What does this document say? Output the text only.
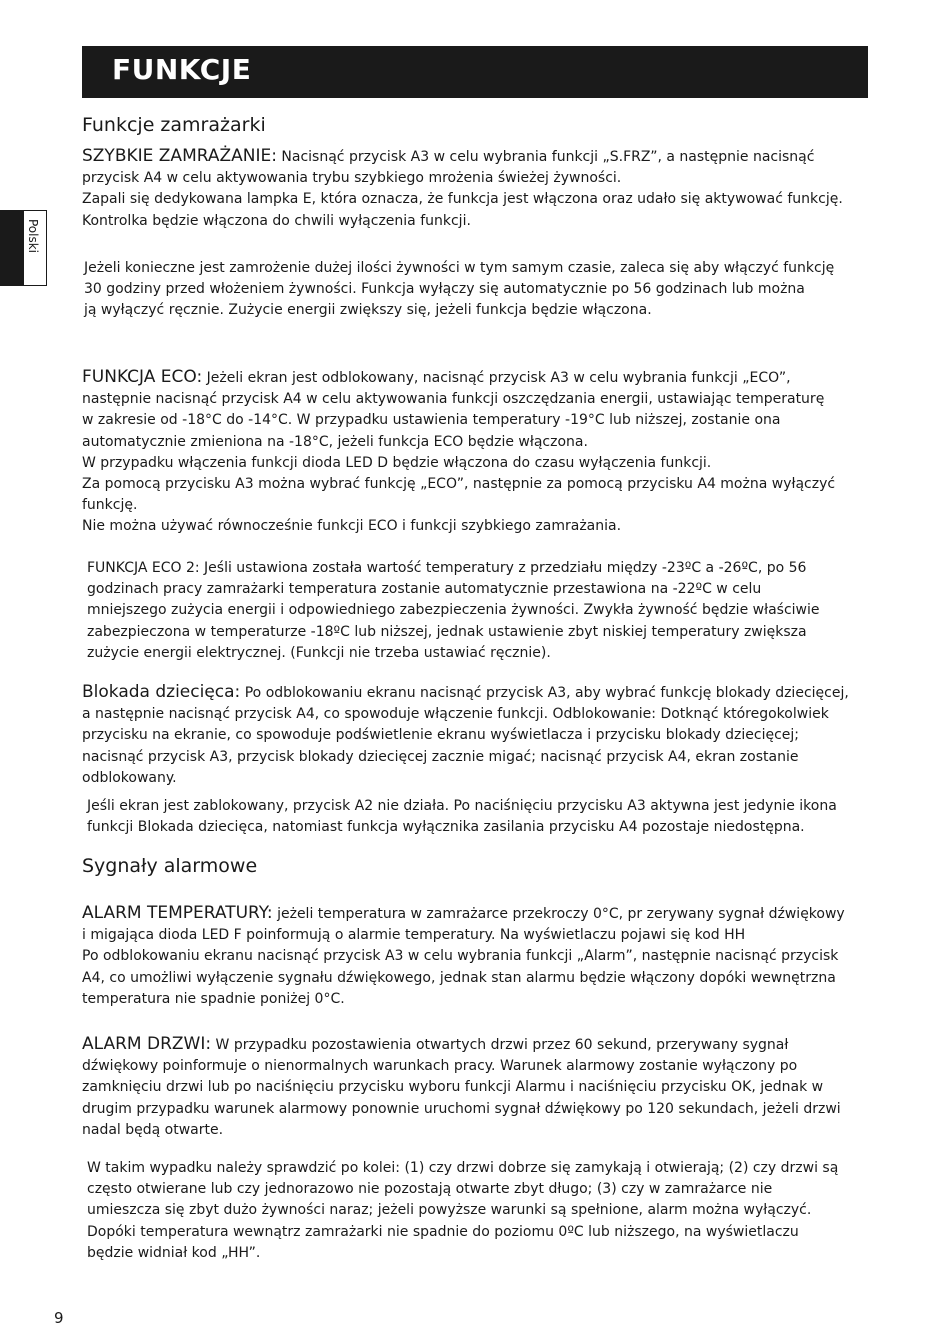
FUNKCJE
Polski
Funkcje zamrażarki
SZYBKIE ZAMRAŻANIE: Nacisnąć przycisk A3 w celu wybrania funkcji „S.FRZ”, a następnie nacisnąć
przycisk A4 w celu aktywowania trybu szybkiego mrożenia świeżej żywności.
Zapali się dedykowana lampka E, która oznacza, że funkcja jest włączona oraz udało się aktywować funkcję.
Kontrolka będzie włączona do chwili wyłączenia funkcji.
Jeżeli konieczne jest zamrożenie dużej ilości żywności w tym samym czasie, zaleca się aby włączyć funkcję
30 godziny przed włożeniem żywności. Funkcja wyłączy się automatycznie po 56 godzinach lub można
ją wyłączyć ręcznie. Zużycie energii zwiększy się, jeżeli funkcja będzie włączona.
FUNKCJA ECO: Jeżeli ekran jest odblokowany, nacisnąć przycisk A3 w celu wybrania funkcji „ECO”,
następnie nacisnąć przycisk A4 w celu aktywowania funkcji oszczędzania energii, ustawiając temperaturę
w zakresie od -18°C do -14°C. W przypadku ustawienia temperatury -19°C lub niższej, zostanie ona
automatycznie zmieniona na -18°C, jeżeli funkcja ECO będzie włączona.
W przypadku włączenia funkcji dioda LED D będzie włączona do czasu wyłączenia funkcji.
Za pomocą przycisku A3 można wybrać funkcję „ECO”, następnie za pomocą przycisku A4 można wyłączyć
funkcję.
Nie można używać równocześnie funkcji ECO i funkcji szybkiego zamrażania.
FUNKCJA ECO 2: Jeśli ustawiona została wartość temperatury z przedziału między -23ºC a -26ºC, po 56
godzinach pracy zamrażarki temperatura zostanie automatycznie przestawiona na -22ºC w celu
mniejszego zużycia energii i odpowiedniego zabezpieczenia żywności. Zwykła żywność będzie właściwie
zabezpieczona w temperaturze -18ºC lub niższej, jednak ustawienie zbyt niskiej temperatury zwiększa
zużycie energii elektrycznej. (Funkcji nie trzeba ustawiać ręcznie).
Blokada dziecięca: Po odblokowaniu ekranu nacisnąć przycisk A3, aby wybrać funkcję blokady dziecięcej,
a następnie nacisnąć przycisk A4, co spowoduje włączenie funkcji. Odblokowanie: Dotknąć któregokolwiek
przycisku na ekranie, co spowoduje podświetlenie ekranu wyświetlacza i przycisku blokady dziecięcej;
nacisnąć przycisk A3, przycisk blokady dziecięcej zacznie migać; nacisnąć przycisk A4, ekran zostanie
odblokowany.
Jeśli ekran jest zablokowany, przycisk A2 nie działa. Po naciśnięciu przycisku A3 aktywna jest jedynie ikona
funkcji Blokada dziecięca, natomiast funkcja wyłącznika zasilania przycisku A4 pozostaje niedostępna.
Sygnały alarmowe
ALARM TEMPERATURY: jeżeli temperatura w zamrażarce przekroczy 0°C, pr zerywany sygnał dźwiękowy
i migająca dioda LED F poinformują o alarmie temperatury. Na wyświetlaczu pojawi się kod HH
Po odblokowaniu ekranu nacisnąć przycisk A3 w celu wybrania funkcji „Alarm”, następnie nacisnąć przycisk
A4, co umożliwi wyłączenie sygnału dźwiękowego, jednak stan alarmu będzie włączony dopóki wewnętrzna
temperatura nie spadnie poniżej 0°C.
ALARM DRZWI: W przypadku pozostawienia otwartych drzwi przez 60 sekund, przerywany sygnał
dźwiękowy poinformuje o nienormalnych warunkach pracy. Warunek alarmowy zostanie wyłączony po
zamknięciu drzwi lub po naciśnięciu przycisku wyboru funkcji Alarmu i naciśnięciu przycisku OK, jednak w
drugim przypadku warunek alarmowy ponownie uruchomi sygnał dźwiękowy po 120 sekundach, jeżeli drzwi
nadal będą otwarte.
W takim wypadku należy sprawdzić po kolei: (1) czy drzwi dobrze się zamykają i otwierają; (2) czy drzwi są
często otwierane lub czy jednorazowo nie pozostają otwarte zbyt długo; (3) czy w zamrażarce nie
umieszcza się zbyt dużo żywności naraz; jeżeli powyższe warunki są spełnione, alarm można wyłączyć.
Dopóki temperatura wewnątrz zamrażarki nie spadnie do poziomu 0ºC lub niższego, na wyświetlaczu
będzie widniał kod „HH”.
9
